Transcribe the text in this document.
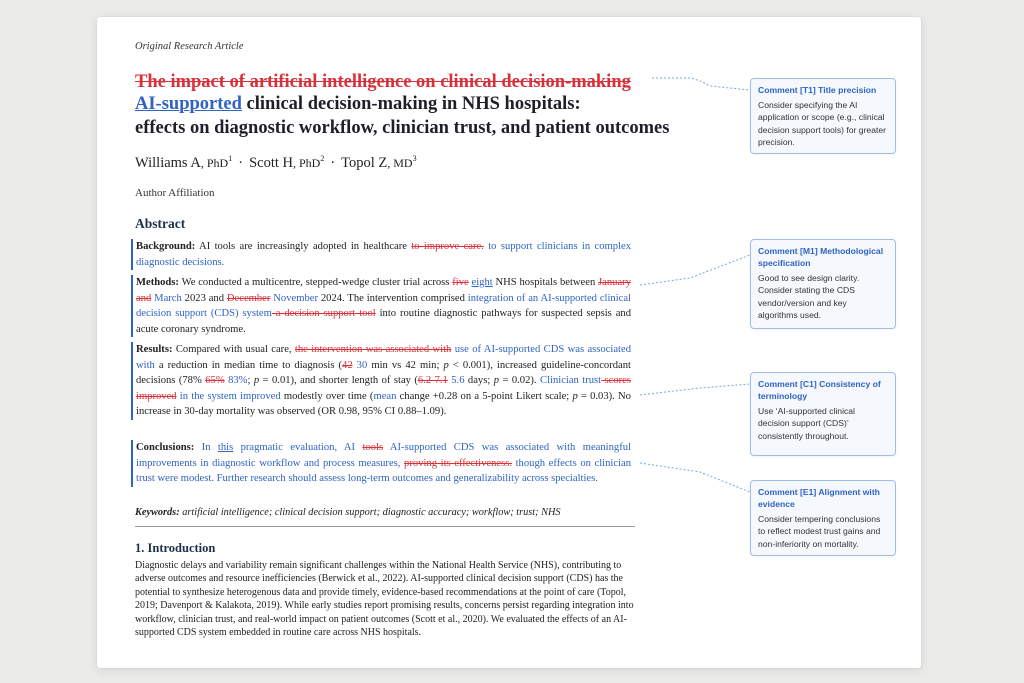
Original Research Article
The impact of artificial intelligence on clinical decision-making
AI-supported clinical decision-making in NHS hospitals:
effects on diagnostic workflow, clinician trust, and patient outcomes
Williams A, PhD$^1$ · Scott H, PhD$^2$ · Topol Z, $MD^3$
Author Affiliation
Abstract
Background: AI tools are increasingly adopted in healthcare to improve care. to support clinicians in complex diagnostic decisions.
Methods: We conducted a multicentre, stepped-wedge cluster trial across five eight NHS hospitals between January and March 2023 and December November 2024. The intervention comprised integration of an AI-supported clinical decision support (CDS) system a decision support tool into routine diagnostic pathways for suspected sepsis and acute coronary syndrome.
Results: Compared with usual care, the intervention was associated with use of AI-supported CDS was associated with a reduction in median time to diagnosis (42 30 min vs 42 min; p < 0.001), increased guideline-concordant decisions (78% 65% 83%; p = 0.01), and shorter length of stay (6.2 7.1 5.6 days; p = 0.02). Clinician trust scores improved in the system improved modestly over time (mean change +0.28 on a 5-point Likert scale; p = 0.03). No increase in 30-day mortality was observed (OR 0.98, 95% CI 0.88–1.09).
Conclusions: In this pragmatic evaluation, AI tools AI-supported CDS was associated with meaningful improvements in diagnostic workflow and process measures, proving its effectiveness. though effects on clinician trust were modest. Further research should assess long-term outcomes and generalizability across specialties.
Keywords: artificial intelligence; clinical decision support; diagnostic accuracy; workflow; trust; NHS
1. Introduction
Diagnostic delays and variability remain significant challenges within the National Health Service (NHS), contributing to adverse outcomes and resource inefficiencies (Berwick et al., 2022). AI-supported clinical decision support (CDS) has the potential to synthesize heterogenous data and provide timely, evidence-based recommendations at the point of care (Topol, 2019; Davenport & Kalakota, 2019). While early studies report promising results, concerns persist regarding integration into workflow, clinician trust, and real-world impact on patient outcomes (Scott et al., 2020). We evaluated the effects of an AI-supported CDS system embedded in routine care across NHS hospitals.
Comment [T1] Title precision
Consider specifying the AI application or scope (e.g., clinical decision support tools) for greater precision.
Comment [M1] Methodological specification
Good to see design clarity. Consider stating the CDS vendor/version and key algorithms used.
Comment [C1] Consistency of terminology
Use ‘AI-supported clinical decision support (CDS)’ consistently throughout.
Comment [E1] Alignment with evidence
Consider tempering conclusions to reflect modest trust gains and non-inferiority on mortality.
